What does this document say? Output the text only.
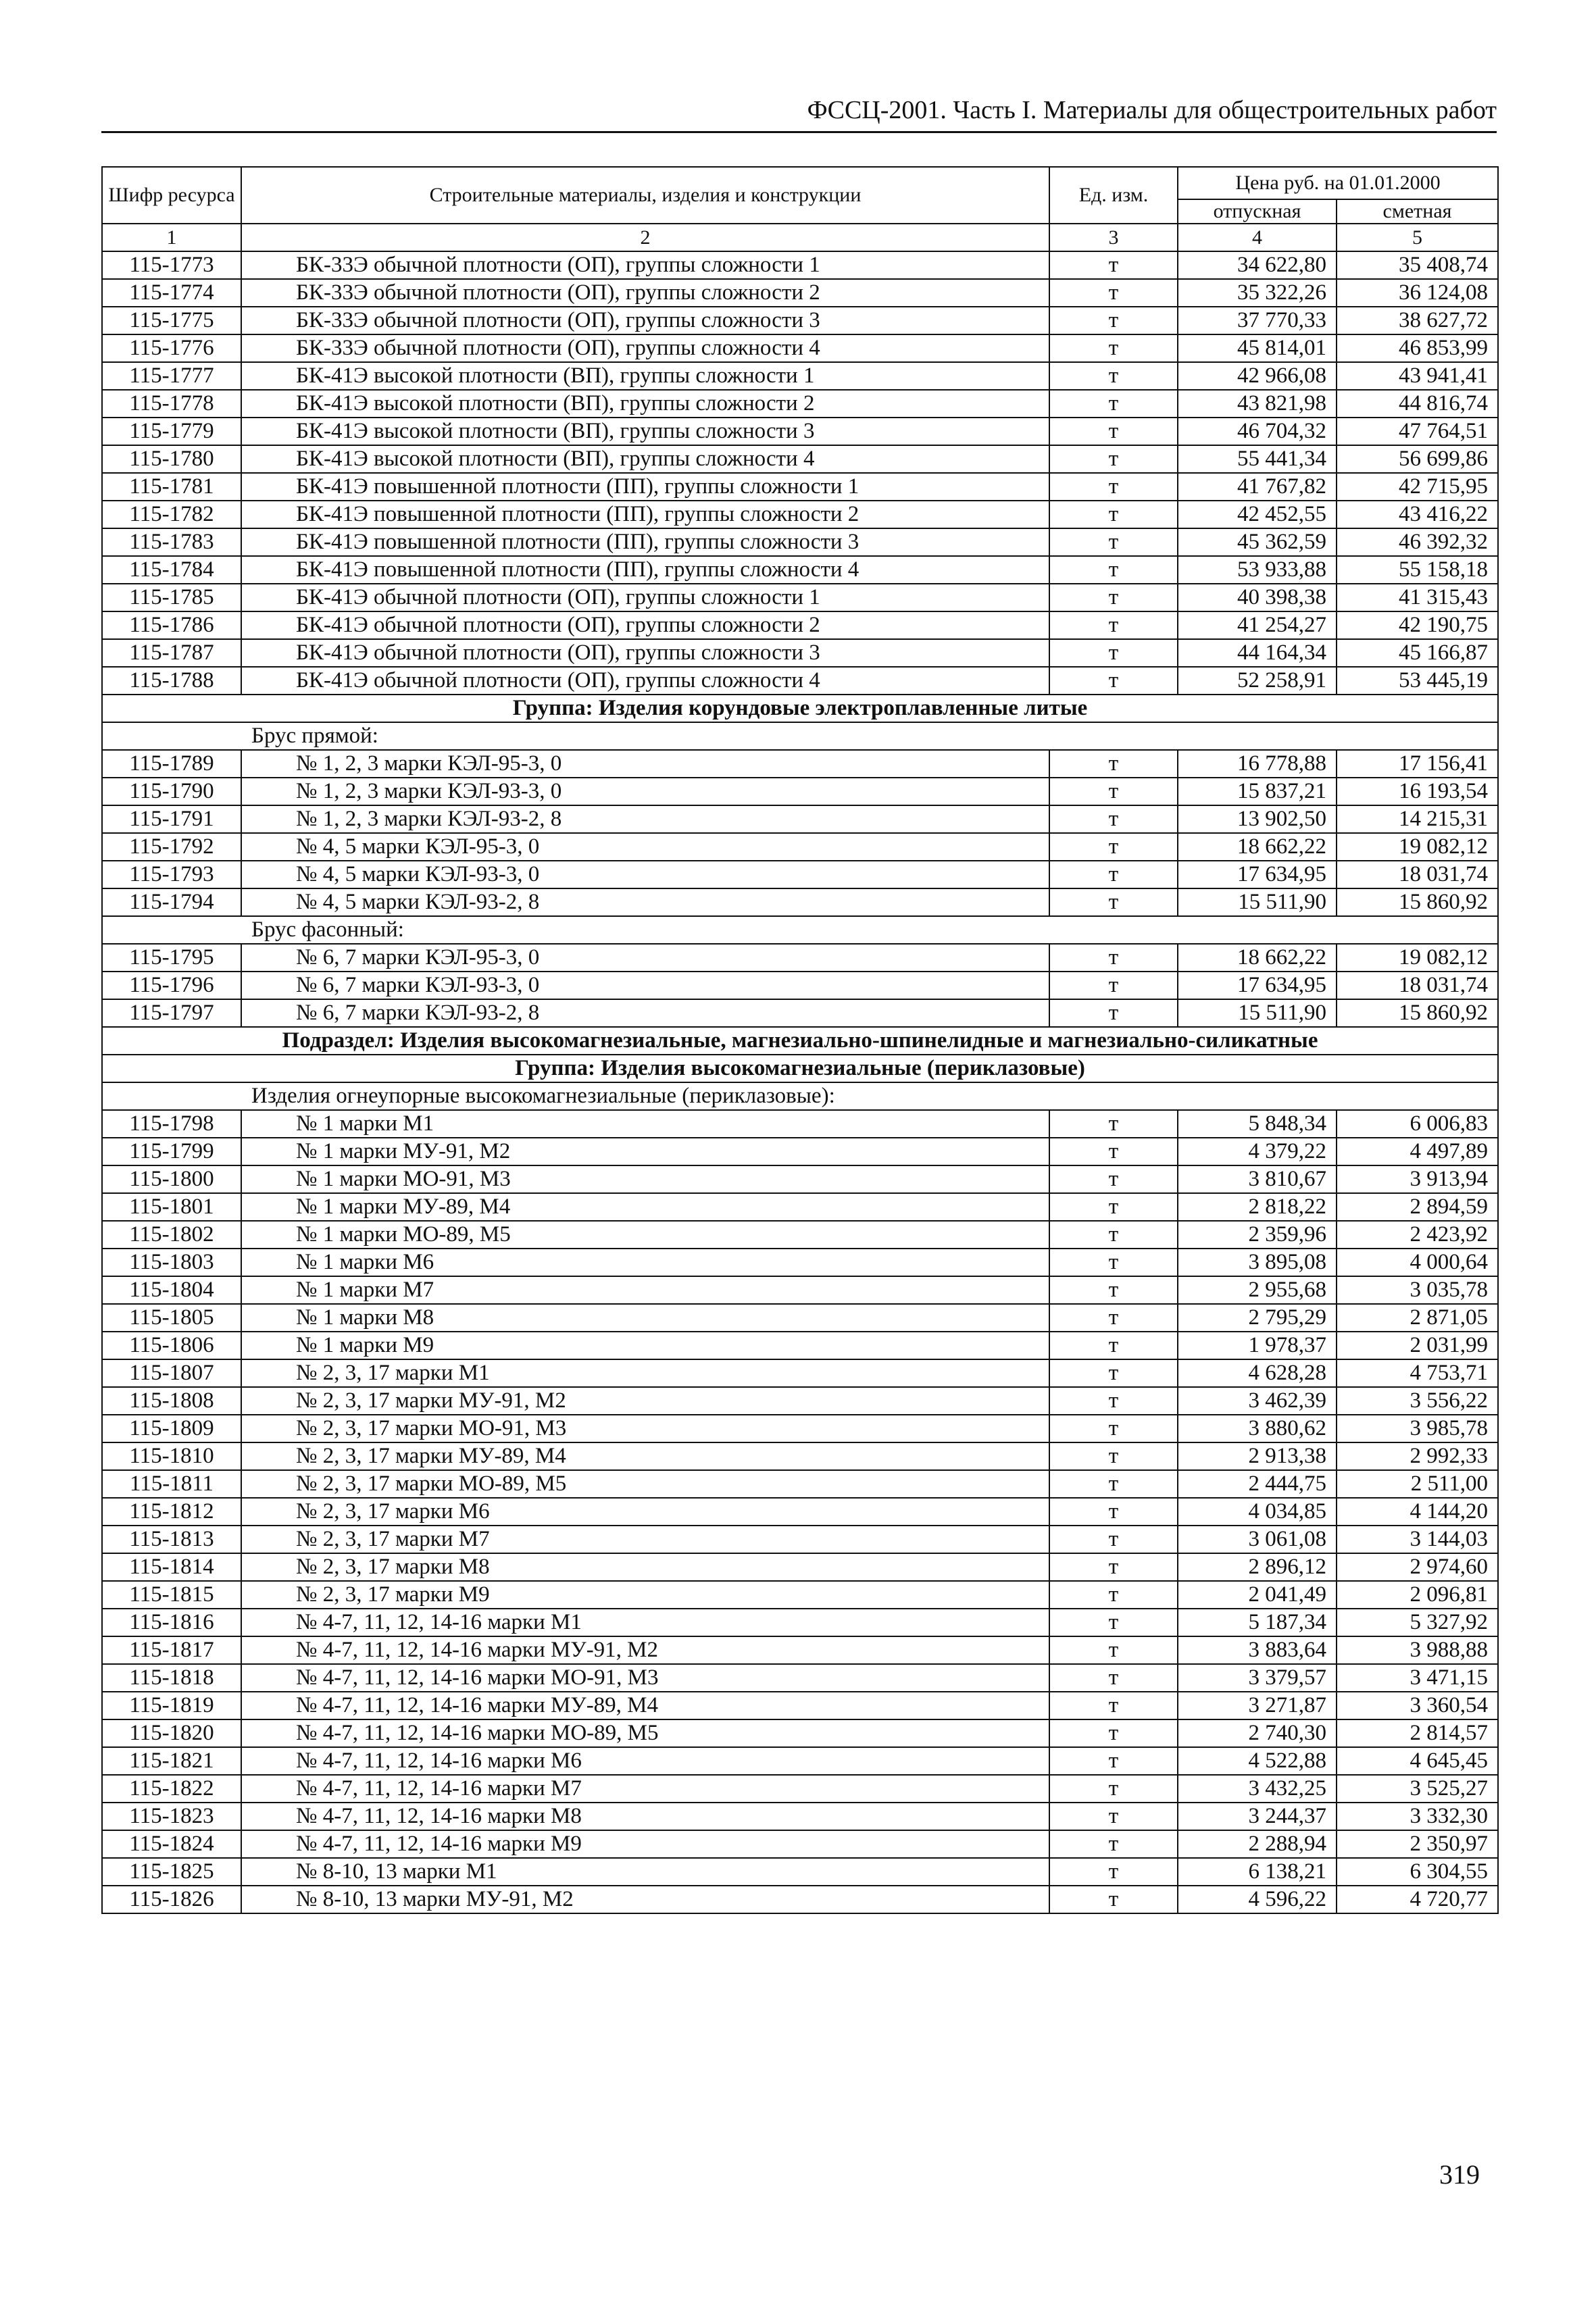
ФССЦ-2001. Часть I. Материалы для общестроительных работ
Шифр ресурса	Строительные материалы, изделия и конструкции	Ед. изм.	Цена руб. на 01.01.2000	
			отпускная	сметная
1	2	3	4	5
115-1773	БК-33Э обычной плотности (ОП), группы сложности 1	т	34 622,80	35 408,74
115-1774	БК-33Э обычной плотности (ОП), группы сложности 2	т	35 322,26	36 124,08
115-1775	БК-33Э обычной плотности (ОП), группы сложности 3	т	37 770,33	38 627,72
115-1776	БК-33Э обычной плотности (ОП), группы сложности 4	т	45 814,01	46 853,99
115-1777	БК-41Э высокой плотности (ВП), группы сложности 1	т	42 966,08	43 941,41
115-1778	БК-41Э высокой плотности (ВП), группы сложности 2	т	43 821,98	44 816,74
115-1779	БК-41Э высокой плотности (ВП), группы сложности 3	т	46 704,32	47 764,51
115-1780	БК-41Э высокой плотности (ВП), группы сложности 4	т	55 441,34	56 699,86
115-1781	БК-41Э повышенной плотности (ПП), группы сложности 1	т	41 767,82	42 715,95
115-1782	БК-41Э повышенной плотности (ПП), группы сложности 2	т	42 452,55	43 416,22
115-1783	БК-41Э повышенной плотности (ПП), группы сложности 3	т	45 362,59	46 392,32
115-1784	БК-41Э повышенной плотности (ПП), группы сложности 4	т	53 933,88	55 158,18
115-1785	БК-41Э обычной плотности (ОП), группы сложности 1	т	40 398,38	41 315,43
115-1786	БК-41Э обычной плотности (ОП), группы сложности 2	т	41 254,27	42 190,75
115-1787	БК-41Э обычной плотности (ОП), группы сложности 3	т	44 164,34	45 166,87
115-1788	БК-41Э обычной плотности (ОП), группы сложности 4	т	52 258,91	53 445,19
Группа: Изделия корундовые электроплавленные литые				
Брус прямой:				
115-1789	№ 1, 2, 3 марки КЭЛ-95-3, 0	т	16 778,88	17 156,41
115-1790	№ 1, 2, 3 марки КЭЛ-93-3, 0	т	15 837,21	16 193,54
115-1791	№ 1, 2, 3 марки КЭЛ-93-2, 8	т	13 902,50	14 215,31
115-1792	№ 4, 5 марки КЭЛ-95-3, 0	т	18 662,22	19 082,12
115-1793	№ 4, 5 марки КЭЛ-93-3, 0	т	17 634,95	18 031,74
115-1794	№ 4, 5 марки КЭЛ-93-2, 8	т	15 511,90	15 860,92
Брус фасонный:				
115-1795	№ 6, 7 марки КЭЛ-95-3, 0	т	18 662,22	19 082,12
115-1796	№ 6, 7 марки КЭЛ-93-3, 0	т	17 634,95	18 031,74
115-1797	№ 6, 7 марки КЭЛ-93-2, 8	т	15 511,90	15 860,92
Подраздел: Изделия высокомагнезиальные, магнезиально-шпинелидные и магнезиально-силикатные				
Группа: Изделия высокомагнезиальные (периклазовые)				
Изделия огнеупорные высокомагнезиальные (периклазовые):				
115-1798	№ 1 марки М1	т	5 848,34	6 006,83
115-1799	№ 1 марки МУ-91, М2	т	4 379,22	4 497,89
115-1800	№ 1 марки МО-91, М3	т	3 810,67	3 913,94
115-1801	№ 1 марки МУ-89, М4	т	2 818,22	2 894,59
115-1802	№ 1 марки МО-89, М5	т	2 359,96	2 423,92
115-1803	№ 1 марки М6	т	3 895,08	4 000,64
115-1804	№ 1 марки М7	т	2 955,68	3 035,78
115-1805	№ 1 марки М8	т	2 795,29	2 871,05
115-1806	№ 1 марки М9	т	1 978,37	2 031,99
115-1807	№ 2, 3, 17 марки М1	т	4 628,28	4 753,71
115-1808	№ 2, 3, 17 марки МУ-91, М2	т	3 462,39	3 556,22
115-1809	№ 2, 3, 17 марки МО-91, М3	т	3 880,62	3 985,78
115-1810	№ 2, 3, 17 марки МУ-89, М4	т	2 913,38	2 992,33
115-1811	№ 2, 3, 17 марки МО-89, М5	т	2 444,75	2 511,00
115-1812	№ 2, 3, 17 марки М6	т	4 034,85	4 144,20
115-1813	№ 2, 3, 17 марки М7	т	3 061,08	3 144,03
115-1814	№ 2, 3, 17 марки М8	т	2 896,12	2 974,60
115-1815	№ 2, 3, 17 марки М9	т	2 041,49	2 096,81
115-1816	№ 4-7, 11, 12, 14-16 марки М1	т	5 187,34	5 327,92
115-1817	№ 4-7, 11, 12, 14-16 марки МУ-91, М2	т	3 883,64	3 988,88
115-1818	№ 4-7, 11, 12, 14-16 марки МО-91, М3	т	3 379,57	3 471,15
115-1819	№ 4-7, 11, 12, 14-16 марки МУ-89, М4	т	3 271,87	3 360,54
115-1820	№ 4-7, 11, 12, 14-16 марки МО-89, М5	т	2 740,30	2 814,57
115-1821	№ 4-7, 11, 12, 14-16 марки М6	т	4 522,88	4 645,45
115-1822	№ 4-7, 11, 12, 14-16 марки М7	т	3 432,25	3 525,27
115-1823	№ 4-7, 11, 12, 14-16 марки М8	т	3 244,37	3 332,30
115-1824	№ 4-7, 11, 12, 14-16 марки М9	т	2 288,94	2 350,97
115-1825	№ 8-10, 13 марки М1	т	6 138,21	6 304,55
115-1826	№ 8-10, 13 марки МУ-91, М2	т	4 596,22	4 720,77
319
